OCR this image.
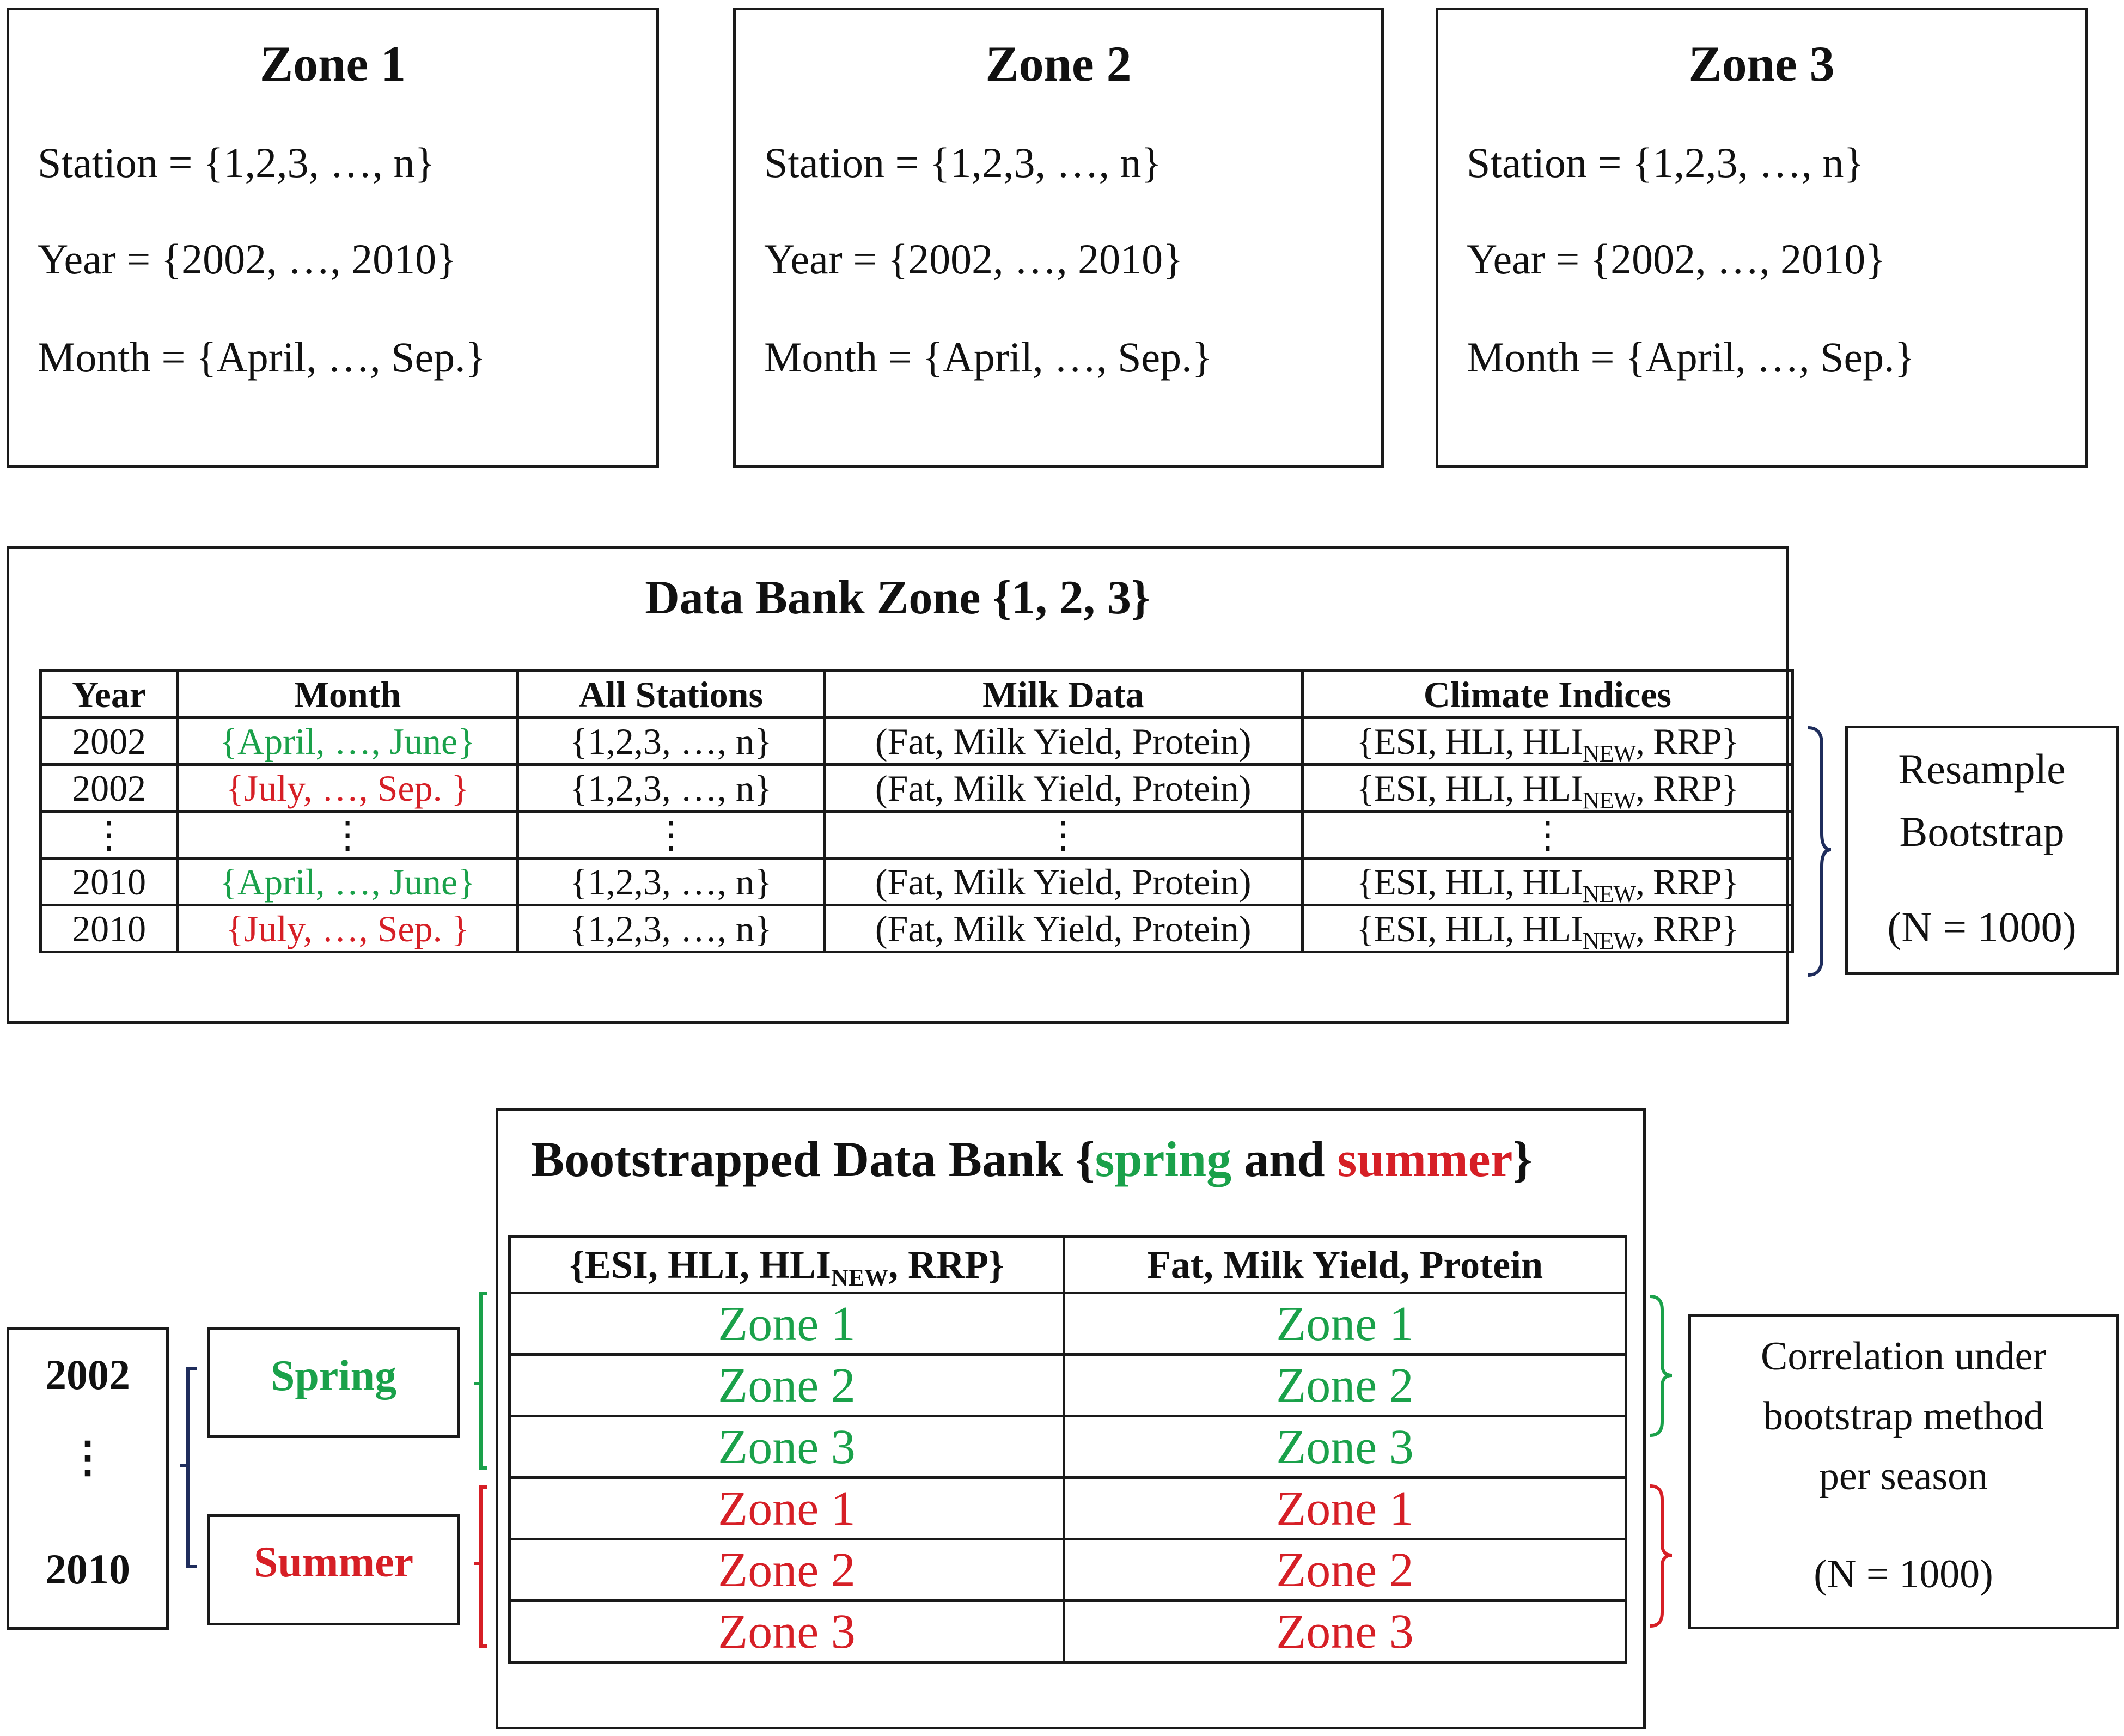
Zone 1
Station = {1,2,3, …, n}
Year = {2002, …, 2010}
Month = {April, …, Sep.}
Zone 2
Station = {1,2,3, …, n}
Year = {2002, …, 2010}
Month = {April, …, Sep.}
Zone 3
Station = {1,2,3, …, n}
Year = {2002, …, 2010}
Month = {April, …, Sep.}
Data Bank Zone {1, 2, 3}
Year	Month	All Stations	Milk Data	Climate Indices
2002	{April, …, June}	{1,2,3, …, n}	(Fat, Milk Yield, Protein)	{ESI, HLI, $HLI_{NEW}$, RRP}
2002	{July, …, Sep. }	{1,2,3, …, n}	(Fat, Milk Yield, Protein)	{ESI, HLI, $HLI_{NEW}$, RRP}
⋮	⋮	⋮	⋮	⋮
2010	{April, …, June}	{1,2,3, …, n}	(Fat, Milk Yield, Protein)	{ESI, HLI, $HLI_{NEW}$, RRP}
2010	{July, …, Sep. }	{1,2,3, …, n}	(Fat, Milk Yield, Protein)	{ESI, HLI, $HLI_{NEW}$, RRP}
Resample
Bootstrap
(N = 1000)
Bootstrapped Data Bank {spring and summer}
{ESI, HLI, $HLI_{NEW}$, RRP}	Fat, Milk Yield, Protein
Zone 1	Zone 1
Zone 2	Zone 2
Zone 3	Zone 3
Zone 1	Zone 1
Zone 2	Zone 2
Zone 3	Zone 3
2002
⋮
2010
Spring
Summer
Correlation under
bootstrap method
per season
(N = 1000)
